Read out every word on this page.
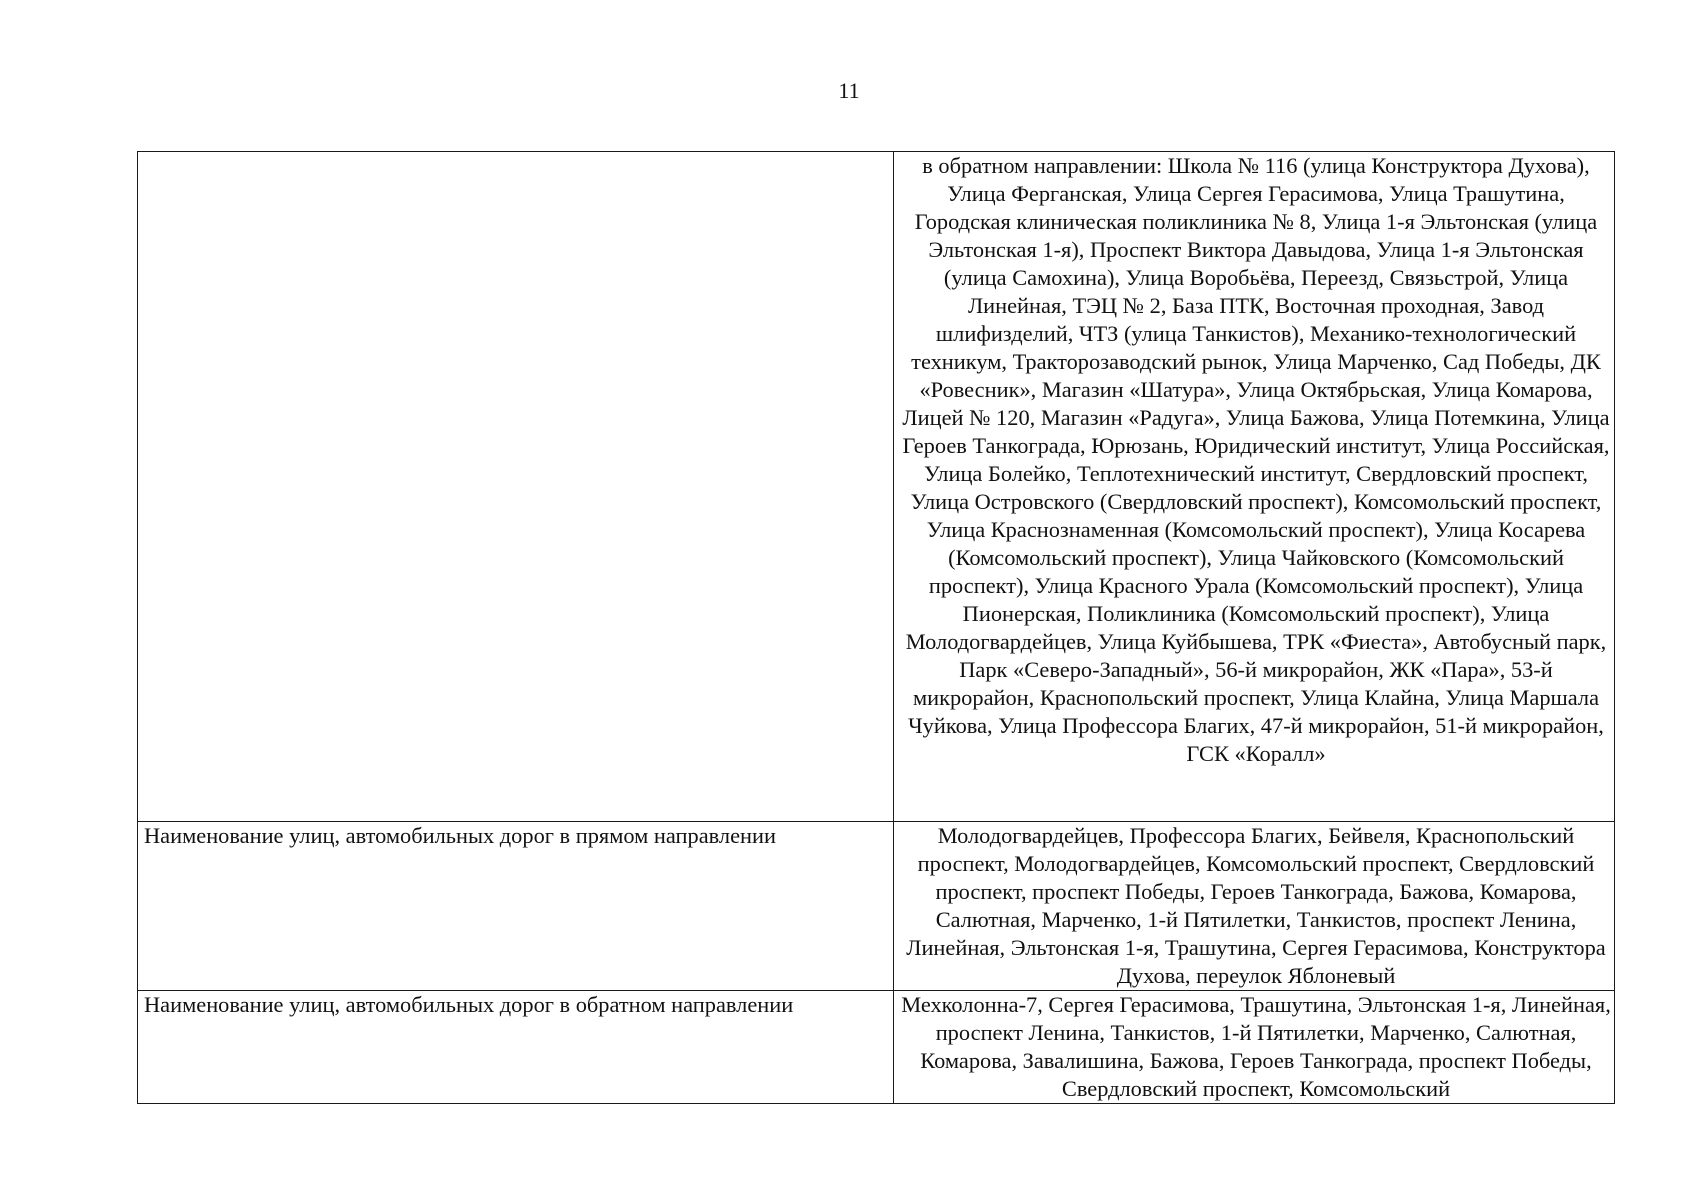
11
	в обратном направлении: Школа № 116 (улица Конструктора Духова), Улица Ферганская, Улица Сергея Герасимова, Улица Трашутина, Городская клиническая поликлиника № 8, Улица 1-я Эльтонская (улица Эльтонская 1-я), Проспект Виктора Давыдова, Улица 1-я Эльтонская (улица Самохина), Улица Воробьёва, Переезд, Связьстрой, Улица Линейная, ТЭЦ № 2, База ПТК, Восточная проходная, Завод шлифизделий, ЧТЗ (улица Танкистов), Механико-технологический техникум, Тракторозаводский рынок, Улица Марченко, Сад Победы, ДК «Ровесник», Магазин «Шатура», Улица Октябрьская, Улица Комарова, Лицей № 120, Магазин «Радуга», Улица Бажова, Улица Потемкина, Улица Героев Танкограда, Юрюзань, Юридический институт, Улица Российская, Улица Болейко, Теплотехнический институт, Свердловский проспект, Улица Островского (Свердловский проспект), Комсомольский проспект, Улица Краснознаменная (Комсомольский проспект), Улица Косарева (Комсомольский проспект), Улица Чайковского (Комсомольский проспект), Улица Красного Урала (Комсомольский проспект), Улица Пионерская, Поликлиника (Комсомольский проспект), Улица Молодогвардейцев, Улица Куйбышева, ТРК «Фиеста», Автобусный парк, Парк «Северо-Западный», 56-й микрорайон, ЖК «Пара», 53-й микрорайон, Краснопольский проспект, Улица Клайна, Улица Маршала Чуйкова, Улица Профессора Благих, 47-й микрорайон, 51-й микрорайон, ГСК «Коралл»
Наименование улиц, автомобильных дорог в прямом направлении	Молодогвардейцев, Профессора Благих, Бейвеля, Краснопольский проспект, Молодогвардейцев, Комсомольский проспект, Свердловский проспект, проспект Победы, Героев Танкограда, Бажова, Комарова, Салютная, Марченко, 1-й Пятилетки, Танкистов, проспект Ленина, Линейная, Эльтонская 1-я, Трашутина, Сергея Герасимова, Конструктора Духова, переулок Яблоневый
Наименование улиц, автомобильных дорог в обратном направлении	Мехколонна-7, Сергея Герасимова, Трашутина, Эльтонская 1-я, Линейная, проспект Ленина, Танкистов, 1-й Пятилетки, Марченко, Салютная, Комарова, Завалишина, Бажова, Героев Танкограда, проспект Победы, Свердловский проспект, Комсомольский
